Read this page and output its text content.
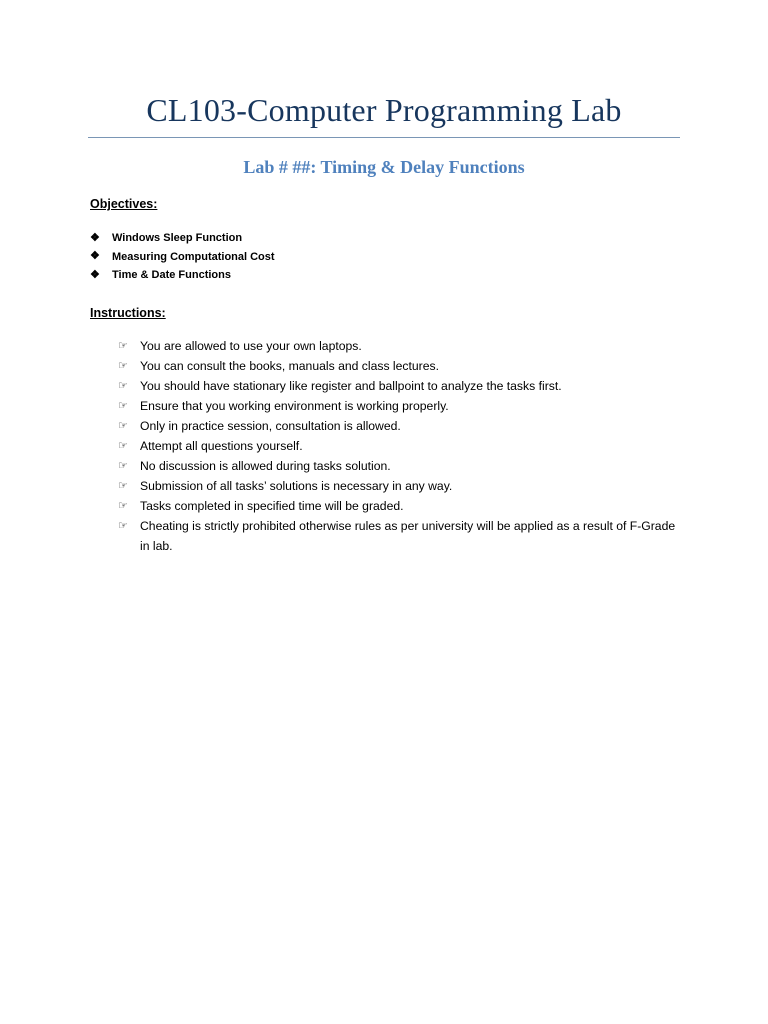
CL103-Computer Programming Lab
Lab # ##: Timing & Delay Functions
Objectives:
❖	Windows Sleep Function
❖	Measuring Computational Cost
❖	Time & Date Functions
Instructions:
☞ You are allowed to use your own laptops.
☞ You can consult the books, manuals and class lectures.
☞ You should have stationary like register and ballpoint to analyze the tasks first.
☞ Ensure that you working environment is working properly.
☞ Only in practice session, consultation is allowed.
☞ Attempt all questions yourself.
☞ No discussion is allowed during tasks solution.
☞ Submission of all tasks’ solutions is necessary in any way.
☞ Tasks completed in specified time will be graded.
☞ Cheating is strictly prohibited otherwise rules as per university will be applied as a result of F-Grade in lab.
